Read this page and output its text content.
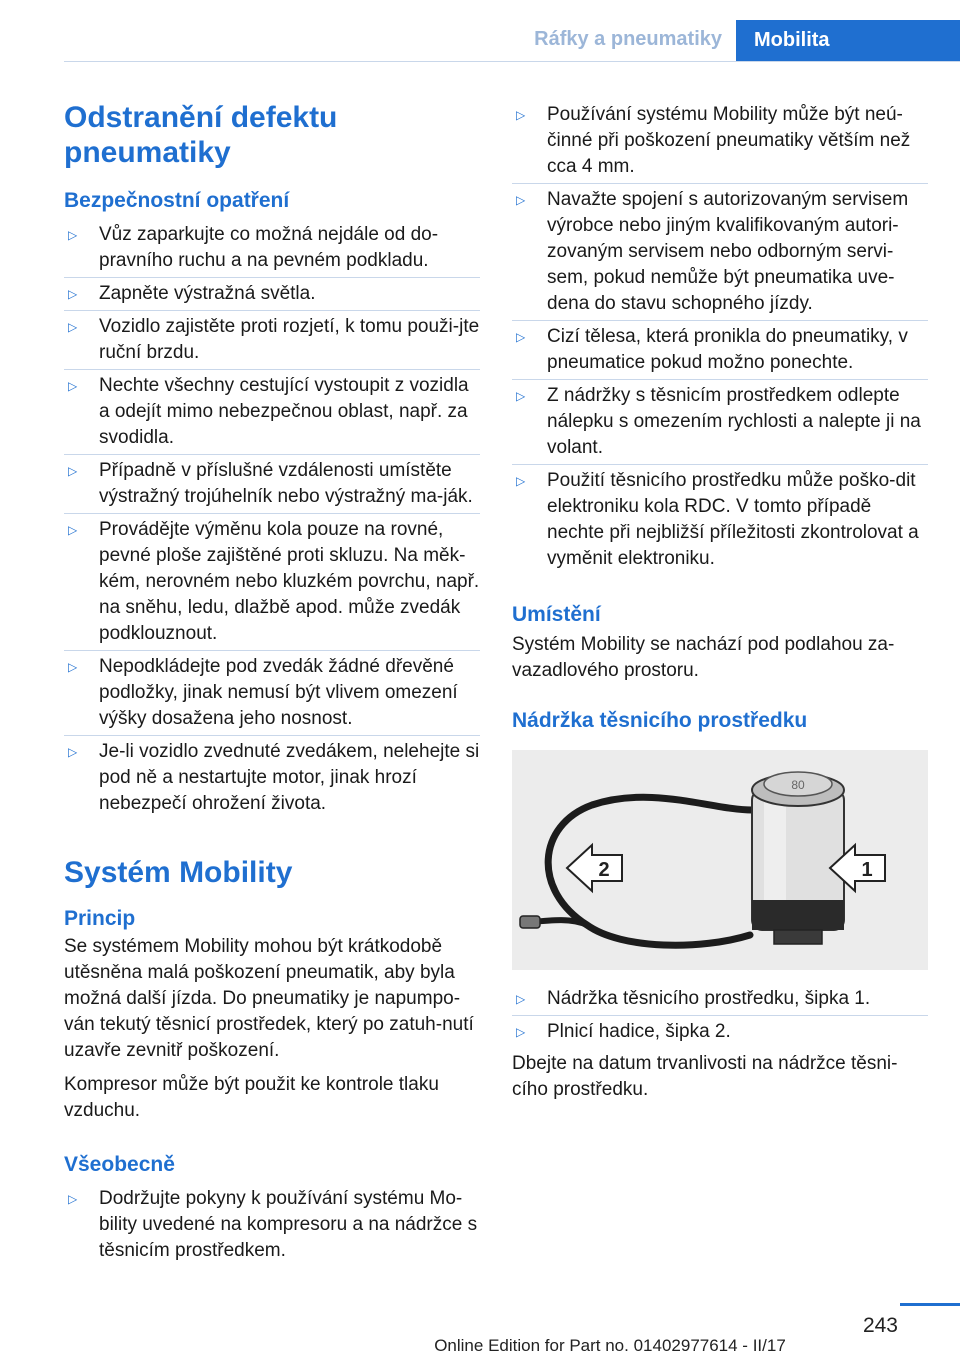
Ráfky a pneumatiky	Mobilita
Odstranění defektu pneumatiky
Bezpečnostní opatření
▷ Vůz zaparkujte co možná nejdále od do‐pravního ruchu a na pevném podkladu.
▷ Zapněte výstražná světla.
▷ Vozidlo zajistěte proti rozjetí, k tomu použi‐jte ruční brzdu.
▷ Nechte všechny cestující vystoupit z vozidla a odejít mimo nebezpečnou oblast, např. za svodidla.
▷ Případně v příslušné vzdálenosti umístěte výstražný trojúhelník nebo výstražný ma‐ják.
▷ Provádějte výměnu kola pouze na rovné, pevné ploše zajištěné proti skluzu. Na měk‐kém, nerovném nebo kluzkém povrchu, např. na sněhu, ledu, dlažbě apod. může zvedák podklouznout.
▷ Nepodkládejte pod zvedák žádné dřevěné podložky, jinak nemusí být vlivem omezení výšky dosažena jeho nosnost.
▷ Je-li vozidlo zvednuté zvedákem, nelehejte si pod ně a nestartujte motor, jinak hrozí nebezpečí ohrožení života.
Systém Mobility
Princip

Se systémem Mobility mohou být krátkodobě utěsněna malá poškození pneumatik, aby byla možná další jízda. Do pneumatiky je napumpo‐ván tekutý těsnicí prostředek, který po zatuh‐nutí uzavře zevnitř poškození.

Kompresor může být použit ke kontrole tlaku vzduchu.

Všeobecně
▷ Dodržujte pokyny k používání systému Mo‐bility uvedené na kompresoru a na nádržce s těsnicím prostředkem.
▷ Používání systému Mobility může být neú‐činné při poškození pneumatiky větším než cca 4 mm.
▷ Navažte spojení s autorizovaným servisem výrobce nebo jiným kvalifikovaným autori‐zovaným servisem nebo odborným servi‐sem, pokud nemůže být pneumatika uve‐dena do stavu schopného jízdy.
▷ Cizí tělesa, která pronikla do pneumatiky, v pneumatice pokud možno ponechte.
▷ Z nádržky s těsnicím prostředkem odlepte nálepku s omezením rychlosti a nalepte ji na volant.
▷ Použití těsnicího prostředku může poško‐dit elektroniku kola RDC. V tomto případě nechte při nejbližší příležitosti zkontrolovat a vyměnit elektroniku.
Umístění

Systém Mobility se nachází pod podlahou za‐vazadlového prostoru.

Nádržka těsnicího prostředku
80
2	1
▷ Nádržka těsnicího prostředku, šipka 1.
▷ Plnicí hadice, šipka 2.

Dbejte na datum trvanlivosti na nádržce těsni‐cího prostředku.

243
Online Edition for Part no. 01402977614 - II/17
